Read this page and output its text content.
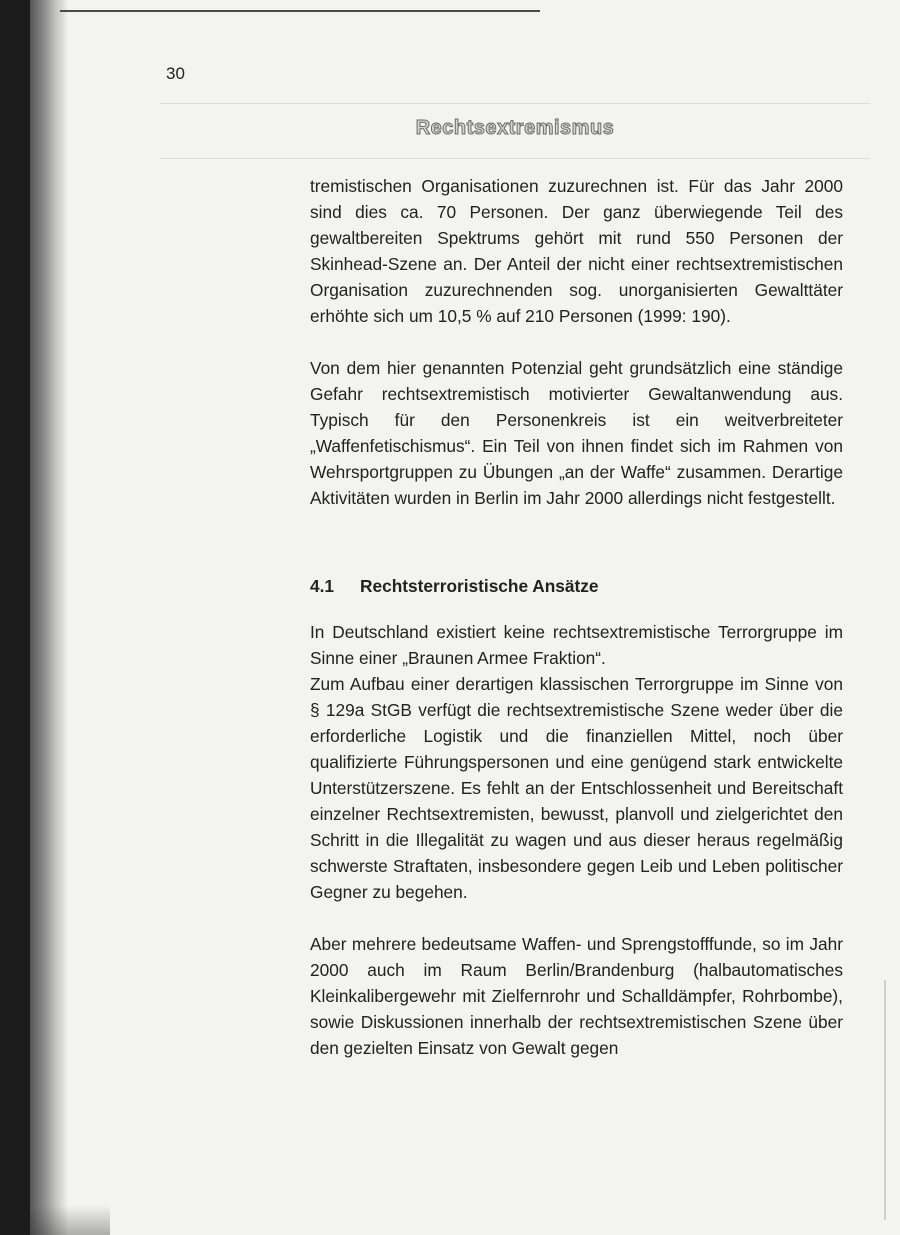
30
Rechtsextremismus

tremistischen Organisationen zuzurechnen ist. Für das Jahr 2000 sind dies ca. 70 Personen. Der ganz überwiegende Teil des gewaltbereiten Spektrums gehört mit rund 550 Personen der Skinhead-Szene an. Der Anteil der nicht einer rechtsextremistischen Organisation zuzurechnenden sog. unorganisierten Gewalttäter erhöhte sich um 10,5 % auf 210 Personen (1999: 190).

Von dem hier genannten Potenzial geht grundsätzlich eine ständige Gefahr rechtsextremistisch motivierter Gewaltanwendung aus. Typisch für den Personenkreis ist ein weitverbreiteter „Waffenfetischismus“. Ein Teil von ihnen findet sich im Rahmen von Wehrsportgruppen zu Übungen „an der Waffe“ zusammen. Derartige Aktivitäten wurden in Berlin im Jahr 2000 allerdings nicht festgestellt.

4.1 Rechtsterroristische Ansätze

In Deutschland existiert keine rechtsextremistische Terrorgruppe im Sinne einer „Braunen Armee Fraktion“.

Zum Aufbau einer derartigen klassischen Terrorgruppe im Sinne von § 129a StGB verfügt die rechtsextremistische Szene weder über die erforderliche Logistik und die finanziellen Mittel, noch über qualifizierte Führungspersonen und eine genügend stark entwickelte Unterstützerszene. Es fehlt an der Entschlossenheit und Bereitschaft einzelner Rechtsextremisten, bewusst, planvoll und zielgerichtet den Schritt in die Illegalität zu wagen und aus dieser heraus regelmäßig schwerste Straftaten, insbesondere gegen Leib und Leben politischer Gegner zu begehen.

Aber mehrere bedeutsame Waffen- und Sprengstofffunde, so im Jahr 2000 auch im Raum Berlin/Brandenburg (halbautomatisches Kleinkalibergewehr mit Zielfernrohr und Schalldämpfer, Rohrbombe), sowie Diskussionen innerhalb der rechtsextremistischen Szene über den gezielten Einsatz von Gewalt gegen
